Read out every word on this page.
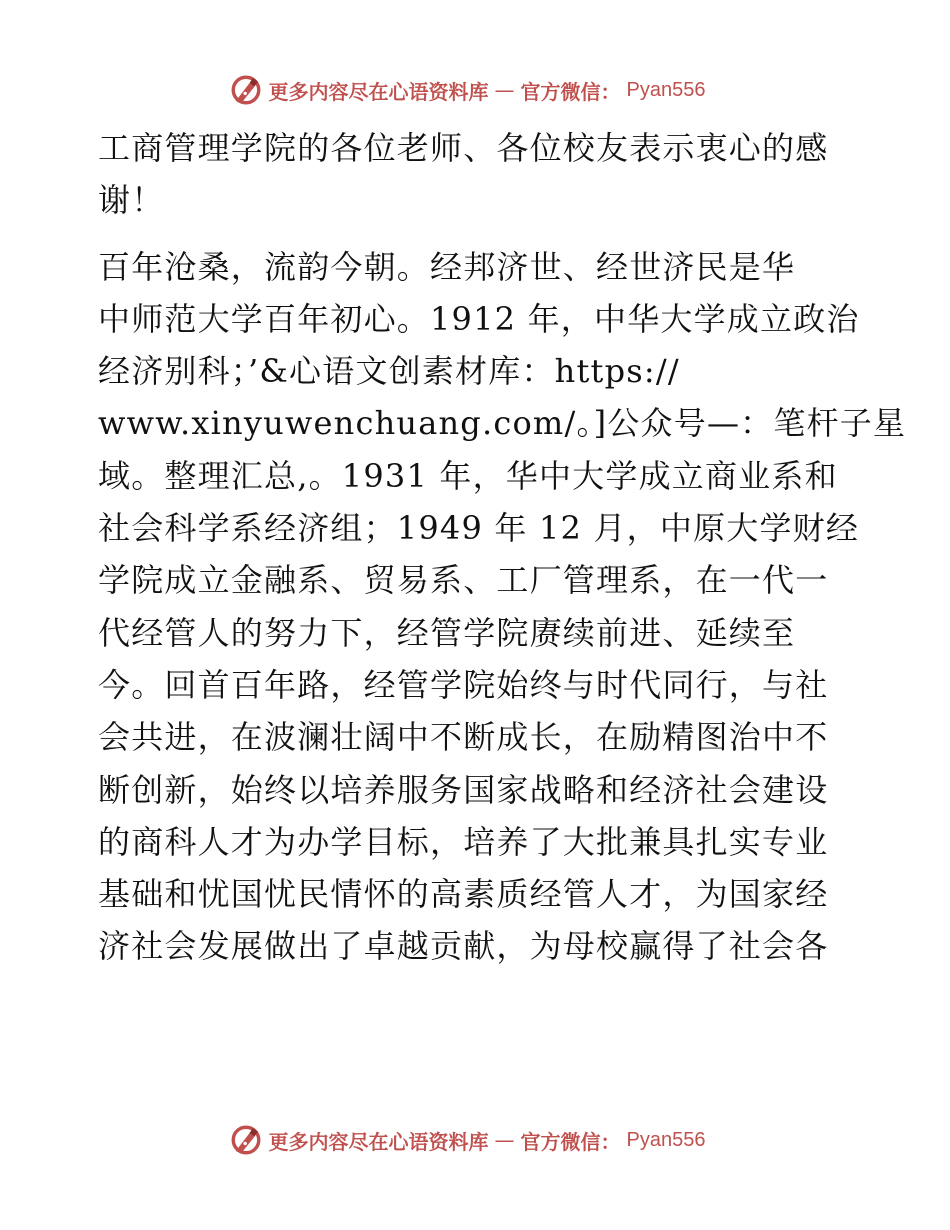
更多内容尽在心语资料库 — 官方微信： Pyan556
工商管理学院的各位老师、各位校友表示衷心的感
谢！
百年沧桑，流韵今朝。经邦济世、经世济民是华
中师范大学百年初心。1912 年，中华大学成立政治
经济别科；’&心语文创素材库：https://
www.xinyuwenchuang.com/。]公众号—：笔杆子星
域。整理汇总,。1931 年，华中大学成立商业系和
社会科学系经济组；1949 年 12 月，中原大学财经
学院成立金融系、贸易系、工厂管理系，在一代一
代经管人的努力下，经管学院赓续前进、延续至
今。回首百年路，经管学院始终与时代同行，与社
会共进，在波澜壮阔中不断成长，在励精图治中不
断创新，始终以培养服务国家战略和经济社会建设
的商科人才为办学目标，培养了大批兼具扎实专业
基础和忧国忧民情怀的高素质经管人才，为国家经
济社会发展做出了卓越贡献，为母校赢得了社会各
更多内容尽在心语资料库 — 官方微信： Pyan556
